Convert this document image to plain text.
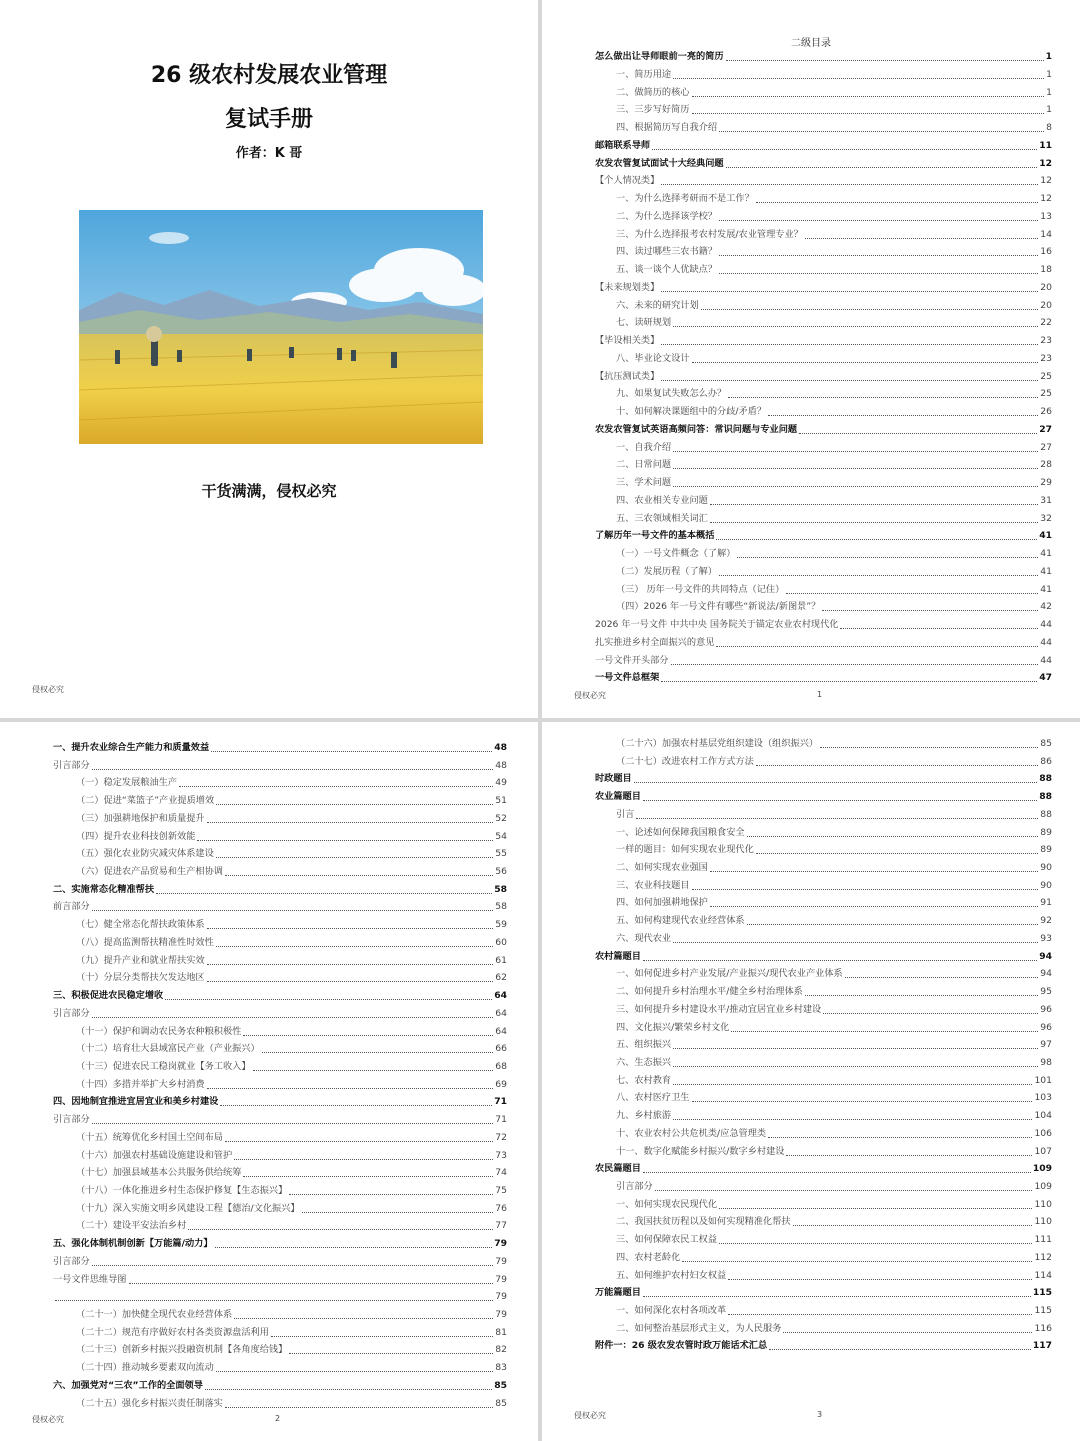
26 级农村发展农业管理
复试手册
作者：K 哥
干货满满，侵权必究
侵权必究
二级目录
怎么做出让导师眼前一亮的简历	1
一、简历用途	1
二、做简历的核心	1
三、三步写好简历	1
四、根据简历写自我介绍	8
邮箱联系导师	11
农发农管复试面试十大经典问题	12
【个人情况类】	12
一、为什么选择考研而不是工作？	12
二、为什么选择该学校？	13
三、为什么选择报考农村发展/农业管理专业？	14
四、读过哪些三农书籍？	16
五、谈一谈个人优缺点？	18
【未来规划类】	20
六、未来的研究计划	20
七、读研规划	22
【毕设相关类】	23
八、毕业论文设计	23
【抗压测试类】	25
九、如果复试失败怎么办？	25
十、如何解决课题组中的分歧/矛盾？	26
农发农管复试英语高频问答：常识问题与专业问题	27
一、自我介绍	27
二、日常问题	28
三、学术问题	29
四、农业相关专业问题	31
五、三农领域相关词汇	32
了解历年一号文件的基本概括	41
（一）一号文件概念（了解）	41
（二）发展历程（了解）	41
（三） 历年一号文件的共同特点（记住）	41
（四）2026 年一号文件有哪些“新说法/新图景”？	42
2026 年一号文件 中共中央 国务院关于锚定农业农村现代化	44
扎实推进乡村全面振兴的意见	44
一号文件开头部分	44
一号文件总框架	47
侵权必究	1
一、提升农业综合生产能力和质量效益	48
引言部分	48
（一）稳定发展粮油生产	49
（二）促进“菜篮子”产业提质增效	51
（三）加强耕地保护和质量提升	52
（四）提升农业科技创新效能	54
（五）强化农业防灾减灾体系建设	55
（六）促进农产品贸易和生产相协调	56
二、实施常态化精准帮扶	58
前言部分	58
（七）健全常态化帮扶政策体系	59
（八）提高监测帮扶精准性时效性	60
（九）提升产业和就业帮扶实效	61
（十）分层分类帮扶欠发达地区	62
三、积极促进农民稳定增收	64
引言部分	64
（十一）保护和调动农民务农种粮积极性	64
（十二）培育壮大县域富民产业（产业振兴）	66
（十三）促进农民工稳岗就业【务工收入】	68
（十四）多措并举扩大乡村消费	69
四、因地制宜推进宜居宜业和美乡村建设	71
引言部分	71
（十五）统筹优化乡村国土空间布局	72
（十六）加强农村基础设施建设和管护	73
（十七）加强县域基本公共服务供给统筹	74
（十八）一体化推进乡村生态保护修复【生态振兴】	75
（十九）深入实施文明乡风建设工程【德治/文化振兴】	76
（二十）建设平安法治乡村	77
五、强化体制机制创新【万能篇/动力】	79
引言部分	79
一号文件思维导图	79
79
（二十一）加快健全现代农业经营体系	79
（二十二）规范有序做好农村各类资源盘活利用	81
（二十三）创新乡村振兴投融资机制【各角度给钱】	82
（二十四）推动城乡要素双向流动	83
六、加强党对“三农”工作的全面领导	85
（二十五）强化乡村振兴责任制落实	85
侵权必究	2
（二十六）加强农村基层党组织建设（组织振兴）	85
（二十七）改进农村工作方式方法	86
时政题目	88
农业篇题目	88
引言	88
一、论述如何保障我国粮食安全	89
一样的题目：如何实现农业现代化	89
二、如何实现农业强国	90
三、农业科技题目	90
四、如何加强耕地保护	91
五、如何构建现代农业经营体系	92
六、现代农业	93
农村篇题目	94
一、如何促进乡村产业发展/产业振兴/现代农业产业体系	94
二、如何提升乡村治理水平/健全乡村治理体系	95
三、如何提升乡村建设水平/推动宜居宜业乡村建设	96
四、文化振兴/繁荣乡村文化	96
五、组织振兴	97
六、生态振兴	98
七、农村教育	101
八、农村医疗卫生	103
九、乡村旅游	104
十、农业农村公共危机类/应急管理类	106
十一、数字化赋能乡村振兴/数字乡村建设	107
农民篇题目	109
引言部分	109
一、如何实现农民现代化	110
二、我国扶贫历程以及如何实现精准化帮扶	110
三、如何保障农民工权益	111
四、农村老龄化	112
五、如何维护农村妇女权益	114
万能篇题目	115
一、如何深化农村各项改革	115
二、如何整治基层形式主义，为人民服务	116
附件一：26 级农发农管时政万能话术汇总	117
侵权必究	3
